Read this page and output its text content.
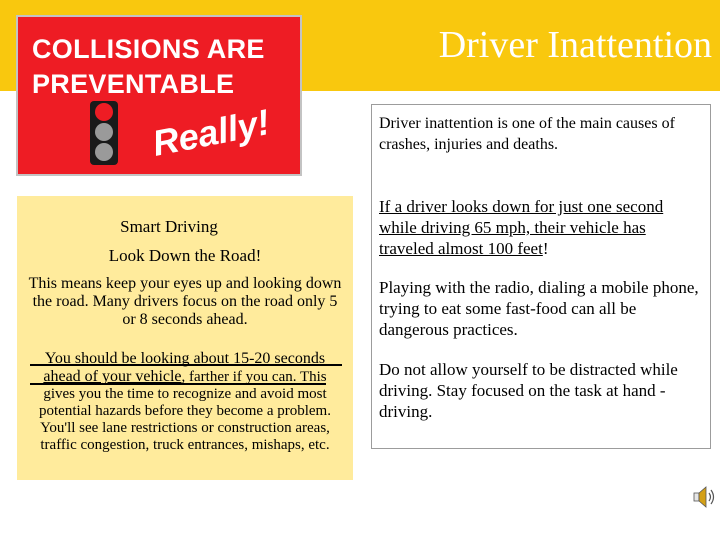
Driver Inattention
COLLISIONS ARE
PREVENTABLE
Really!
Smart Driving
Look Down the Road!

This means keep your eyes up and looking down the road. Many drivers focus on the road only 5 or 8 seconds ahead.

You should be looking about 15-20 seconds ahead of your vehicle, farther if you can. This gives you the time to recognize and avoid most potential hazards before they become a problem. You'll see lane restrictions or construction areas, traffic congestion, truck entrances, mishaps, etc.

Driver inattention is one of the main causes of crashes, injuries and deaths.

If a driver looks down for just one second while driving 65 mph, their vehicle has traveled almost 100 feet!

Playing with the radio, dialing a mobile phone, trying to eat some fast-food can all be dangerous practices.

Do not allow yourself to be distracted while driving. Stay focused on the task at hand - driving.
